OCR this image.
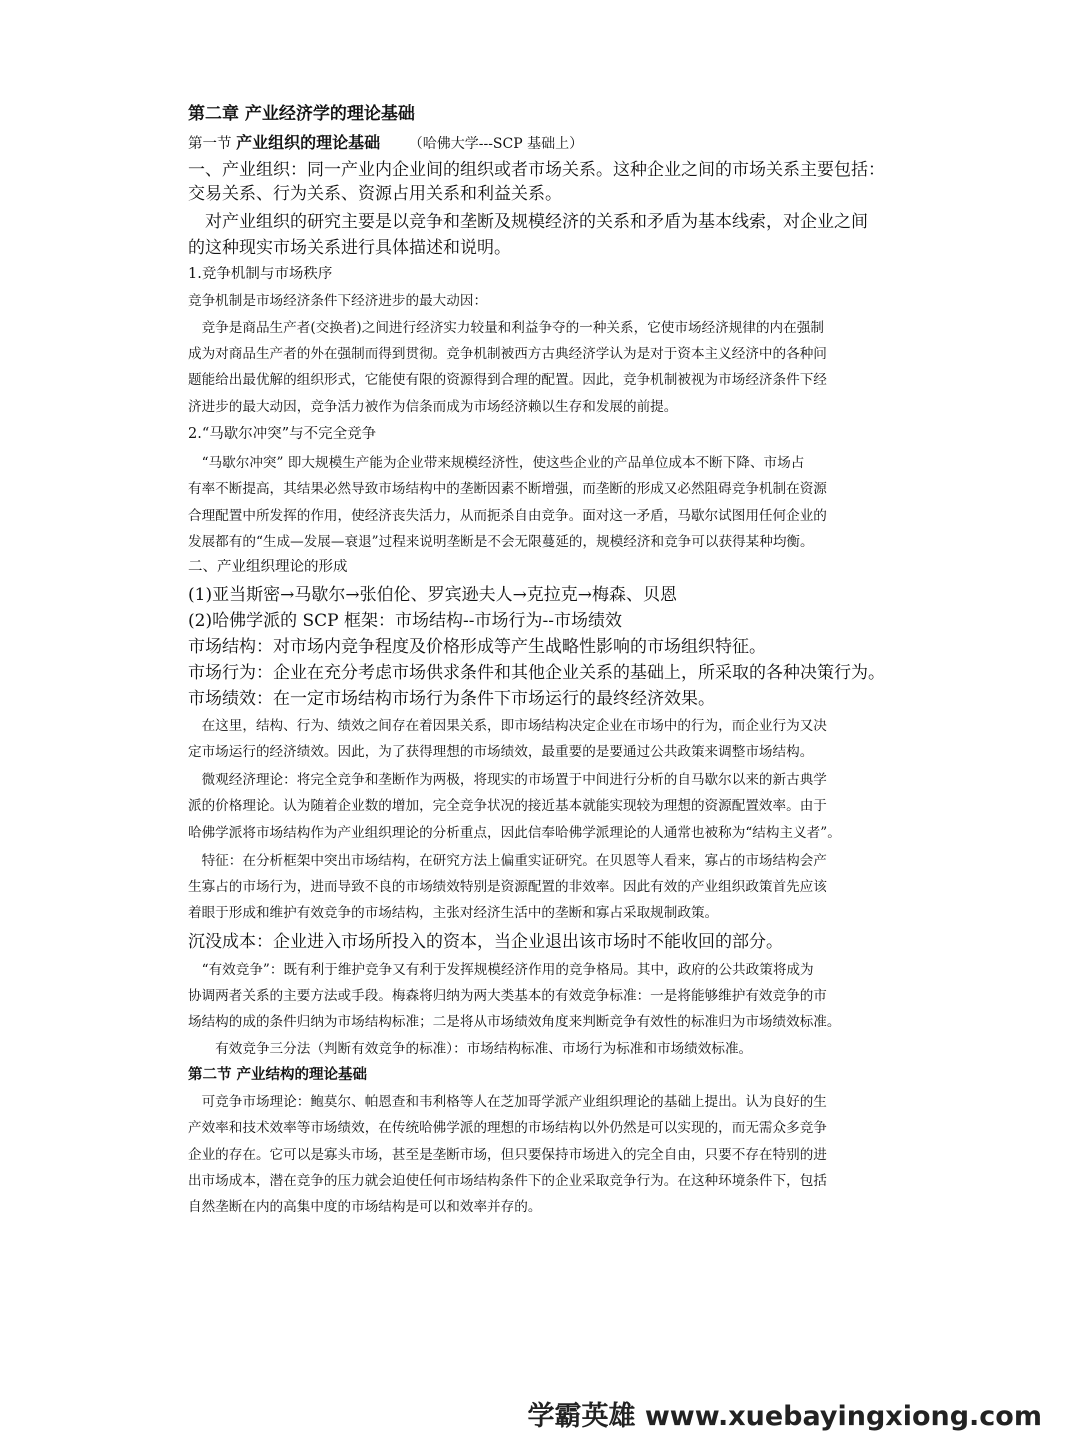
第二章 产业经济学的理论基础

第一节 产业组织的理论基础 （哈佛大学---SCP 基础上）

一、产业组织：同一产业内企业间的组织或者市场关系。这种企业之间的市场关系主要包括：

交易关系、行为关系、资源占用关系和利益关系。

　对产业组织的研究主要是以竞争和垄断及规模经济的关系和矛盾为基本线索，对企业之间

的这种现实市场关系进行具体描述和说明。

1.竞争机制与市场秩序

竞争机制是市场经济条件下经济进步的最大动因：

　竞争是商品生产者(交换者)之间进行经济实力较量和利益争夺的一种关系，它使市场经济规律的内在强制

成为对商品生产者的外在强制而得到贯彻。竞争机制被西方古典经济学认为是对于资本主义经济中的各种问

题能给出最优解的组织形式，它能使有限的资源得到合理的配置。因此，竞争机制被视为市场经济条件下经

济进步的最大动因，竞争活力被作为信条而成为市场经济赖以生存和发展的前提。

2.“马歇尔冲突”与不完全竞争

　“马歇尔冲突” 即大规模生产能为企业带来规模经济性，使这些企业的产品单位成本不断下降、市场占

有率不断提高，其结果必然导致市场结构中的垄断因素不断增强，而垄断的形成又必然阻碍竞争机制在资源

合理配置中所发挥的作用，使经济丧失活力，从而扼杀自由竞争。面对这一矛盾，马歇尔试图用任何企业的

发展都有的“生成—发展—衰退”过程来说明垄断是不会无限蔓延的，规模经济和竞争可以获得某种均衡。

二、产业组织理论的形成

(1)亚当斯密→马歇尔→张伯伦、罗宾逊夫人→克拉克→梅森、贝恩

(2)哈佛学派的 SCP 框架：市场结构--市场行为--市场绩效

市场结构：对市场内竞争程度及价格形成等产生战略性影响的市场组织特征。

市场行为：企业在充分考虑市场供求条件和其他企业关系的基础上，所采取的各种决策行为。

市场绩效：在一定市场结构市场行为条件下市场运行的最终经济效果。

　在这里，结构、行为、绩效之间存在着因果关系，即市场结构决定企业在市场中的行为，而企业行为又决

定市场运行的经济绩效。因此，为了获得理想的市场绩效，最重要的是要通过公共政策来调整市场结构。

　微观经济理论：将完全竞争和垄断作为两极，将现实的市场置于中间进行分析的自马歇尔以来的新古典学

派的价格理论。认为随着企业数的增加，完全竞争状况的接近基本就能实现较为理想的资源配置效率。由于

哈佛学派将市场结构作为产业组织理论的分析重点，因此信奉哈佛学派理论的人通常也被称为“结构主义者”。

　特征：在分析框架中突出市场结构，在研究方法上偏重实证研究。在贝恩等人看来，寡占的市场结构会产

生寡占的市场行为，进而导致不良的市场绩效特别是资源配置的非效率。因此有效的产业组织政策首先应该

着眼于形成和维护有效竞争的市场结构，主张对经济生活中的垄断和寡占采取规制政策。

沉没成本：企业进入市场所投入的资本，当企业退出该市场时不能收回的部分。

　“有效竞争”：既有利于维护竞争又有利于发挥规模经济作用的竞争格局。其中，政府的公共政策将成为

协调两者关系的主要方法或手段。梅森将归纳为两大类基本的有效竞争标准：一是将能够维护有效竞争的市

场结构的成的条件归纳为市场结构标准；二是将从市场绩效角度来判断竞争有效性的标准归为市场绩效标准。

　　有效竞争三分法（判断有效竞争的标准）：市场结构标准、市场行为标准和市场绩效标准。

第二节 产业结构的理论基础

　可竞争市场理论：鲍莫尔、帕恩查和韦利格等人在芝加哥学派产业组织理论的基础上提出。认为良好的生

产效率和技术效率等市场绩效，在传统哈佛学派的理想的市场结构以外仍然是可以实现的，而无需众多竞争

企业的存在。它可以是寡头市场，甚至是垄断市场，但只要保持市场进入的完全自由，只要不存在特别的进

出市场成本，潜在竞争的压力就会迫使任何市场结构条件下的企业采取竞争行为。在这种环境条件下，包括

自然垄断在内的高集中度的市场结构是可以和效率并存的。

学霸英雄 www.xuebayingxiong.com
